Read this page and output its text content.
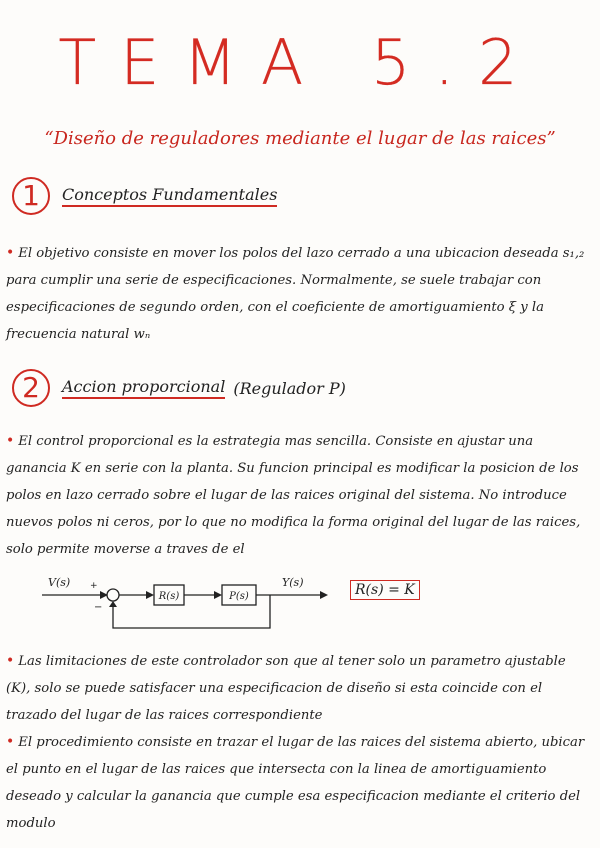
TEMA 5.2
“Diseño de reguladores mediante el lugar de las raices”
1	Conceptos Fundamentales
• El objetivo consiste en mover los polos del lazo cerrado a una ubicacion deseada s₁,₂ para cumplir una serie de especificaciones. Normalmente, se suele trabajar con especificaciones de segundo orden, con el coeficiente de amortiguamiento ξ y la frecuencia natural wₙ
2	Accion proporcional (Regulador P)
• El control proporcional es la estrategia mas sencilla. Consiste en ajustar una ganancia K en serie con la planta. Su funcion principal es modificar la posicion de los polos en lazo cerrado sobre el lugar de las raices original del sistema. No introduce nuevos polos ni ceros, por lo que no modifica la forma original del lugar de las raices, solo permite moverse a traves de el
V(s) +
−
R(s)	P(s)
Y(s)	R(s) = K
• Las limitaciones de este controlador son que al tener solo un parametro ajustable (K), solo se puede satisfacer una especificacion de diseño si esta coincide con el trazado del lugar de las raices correspondiente
• El procedimiento consiste en trazar el lugar de las raices del sistema abierto, ubicar el punto en el lugar de las raices que intersecta con la linea de amortiguamiento deseado y calcular la ganancia que cumple esa especificacion mediante el criterio del modulo
